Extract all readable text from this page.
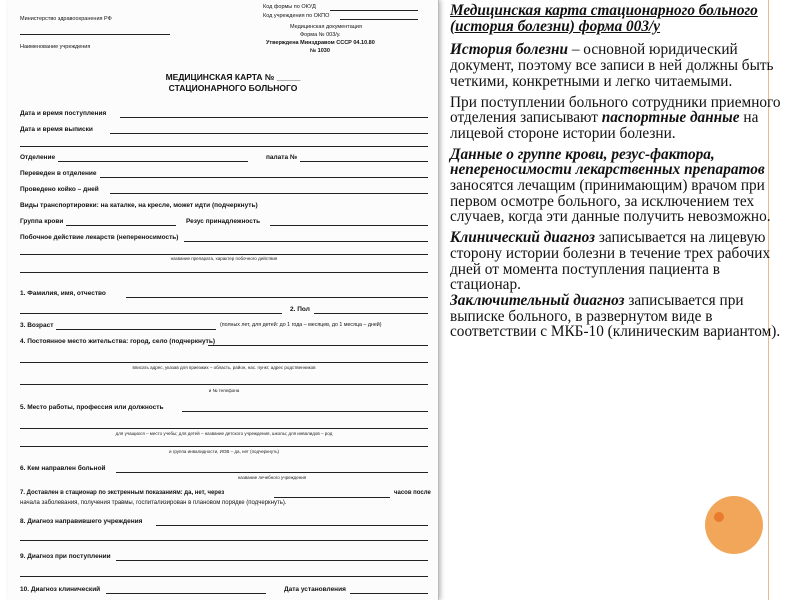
Министерство здравоохранения РФ
Наименование учреждения
Код формы по ОКУД
Код учреждения по ОКПО
Медицинская документация
Форма № 003/у.
Утверждена Минздравом СССР 04.10.80
№ 1030
МЕДИЦИНСКАЯ КАРТА № _____
СТАЦИОНАРНОГО БОЛЬНОГО
Дата и время поступления
Дата и время выписки
Отделение	палата №
Переведен в отделение
Проведено койко – дней
Виды транспортировки: на каталке, на кресле, может идти (подчеркнуть)
Группа крови	Резус принадлежность
Побочное действие лекарств (непереносимость)
название препарата, характер побочного действия
1. Фамилия, имя, отчество
2. Пол
3. Возраст	(полных лет, для детей: до 1 года – месяцев, до 1 месяца – дней)
4. Постоянное место жительства: город, село (подчеркнуть)
вписать адрес, указав для приезжих – область, район, нас. пункт, адрес родственников
и № телефона
5. Место работы, профессия или должность
для учащихся – место учебы; для детей – название детского учреждения, школы; для инвалидов – род
и группа инвалидности, ИОВ – да, нет (подчеркнуть)
6. Кем направлен больной
название лечебного учреждения
7. Доставлен в стационар по экстренным показаниям: да, нет, через	часов после
начала заболевания, получения травмы, госпитализирован в плановом порядке (подчеркнуть).
8. Диагноз направившего учреждения
9. Диагноз при поступлении
10. Диагноз клинический	Дата установления

Медицинская карта стационарного больного (история болезни) форма 003/у

История болезни – основной юридический документ, поэтому все записи в ней должны быть четкими, конкретными и легко читаемыми.

При поступлении больного сотрудники приемного отделения записывают паспортные данные на лицевой стороне истории болезни.

Данные о группе крови, резус-фактора, непереносимости лекарственных препаратов заносятся лечащим (принимающим) врачом при первом осмотре больного, за исключением тех случаев, когда эти данные получить невозможно.

Клинический диагноз записывается на лицевую сторону истории болезни в течение трех рабочих дней от момента поступления пациента в стационар.

Заключительный диагноз записывается при выписке больного, в развернутом виде в соответствии с МКБ-10 (клиническим вариантом).
